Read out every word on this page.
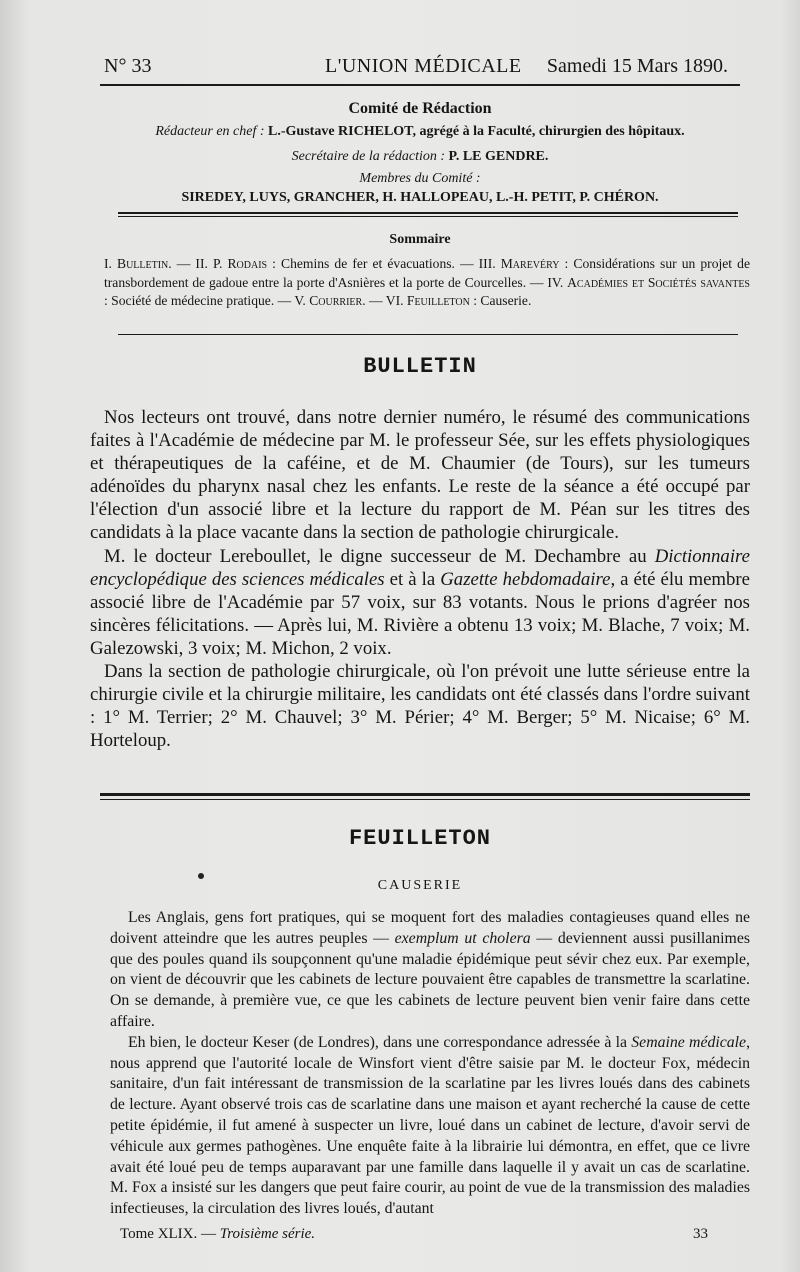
N° 33	L'UNION MÉDICALE Samedi 15 Mars 1890.
Comité de Rédaction
Rédacteur en chef : L.-Gustave RICHELOT, agrégé à la Faculté, chirurgien des hôpitaux.
Secrétaire de la rédaction : P. LE GENDRE.
Membres du Comité :
SIREDEY, LUYS, GRANCHER, H. HALLOPEAU, L.-H. PETIT, P. CHÉRON.
Sommaire
I. Bulletin. — II. P. Rodais : Chemins de fer et évacuations. — III. Marevéry : Considérations sur un projet de transbordement de gadoue entre la porte d'Asnières et la porte de Courcelles. — IV. Académies et Sociétés savantes : Société de médecine pratique. — V. Courrier. — VI. Feuilleton : Causerie.
BULLETIN

Nos lecteurs ont trouvé, dans notre dernier numéro, le résumé des communications faites à l'Académie de médecine par M. le professeur Sée, sur les effets physiologiques et thérapeutiques de la caféine, et de M. Chaumier (de Tours), sur les tumeurs adénoïdes du pharynx nasal chez les enfants. Le reste de la séance a été occupé par l'élection d'un associé libre et la lecture du rapport de M. Péan sur les titres des candidats à la place vacante dans la section de pathologie chirurgicale.

M. le docteur Lereboullet, le digne successeur de M. Dechambre au Dictionnaire encyclopédique des sciences médicales et à la Gazette hebdomadaire, a été élu membre associé libre de l'Académie par 57 voix, sur 83 votants. Nous le prions d'agréer nos sincères félicitations. — Après lui, M. Rivière a obtenu 13 voix; M. Blache, 7 voix; M. Galezowski, 3 voix; M. Michon, 2 voix.

Dans la section de pathologie chirurgicale, où l'on prévoit une lutte sérieuse entre la chirurgie civile et la chirurgie militaire, les candidats ont été classés dans l'ordre suivant : 1° M. Terrier; 2° M. Chauvel; 3° M. Périer; 4° M. Berger; 5° M. Nicaise; 6° M. Horteloup.

FEUILLETON
CAUSERIE

Les Anglais, gens fort pratiques, qui se moquent fort des maladies contagieuses quand elles ne doivent atteindre que les autres peuples — exemplum ut cholera — deviennent aussi pusillanimes que des poules quand ils soupçonnent qu'une maladie épidémique peut sévir chez eux. Par exemple, on vient de découvrir que les cabinets de lecture pouvaient être capables de transmettre la scarlatine. On se demande, à première vue, ce que les cabinets de lecture peuvent bien venir faire dans cette affaire.

Eh bien, le docteur Keser (de Londres), dans une correspondance adressée à la Semaine médicale, nous apprend que l'autorité locale de Winsfort vient d'être saisie par M. le docteur Fox, médecin sanitaire, d'un fait intéressant de transmission de la scarlatine par les livres loués dans des cabinets de lecture. Ayant observé trois cas de scarlatine dans une maison et ayant recherché la cause de cette petite épidémie, il fut amené à suspecter un livre, loué dans un cabinet de lecture, d'avoir servi de véhicule aux germes pathogènes. Une enquête faite à la librairie lui démontra, en effet, que ce livre avait été loué peu de temps auparavant par une famille dans laquelle il y avait un cas de scarlatine. M. Fox a insisté sur les dangers que peut faire courir, au point de vue de la transmission des maladies infectieuses, la circulation des livres loués, d'autant

Tome XLIX. — Troisième série.	33
